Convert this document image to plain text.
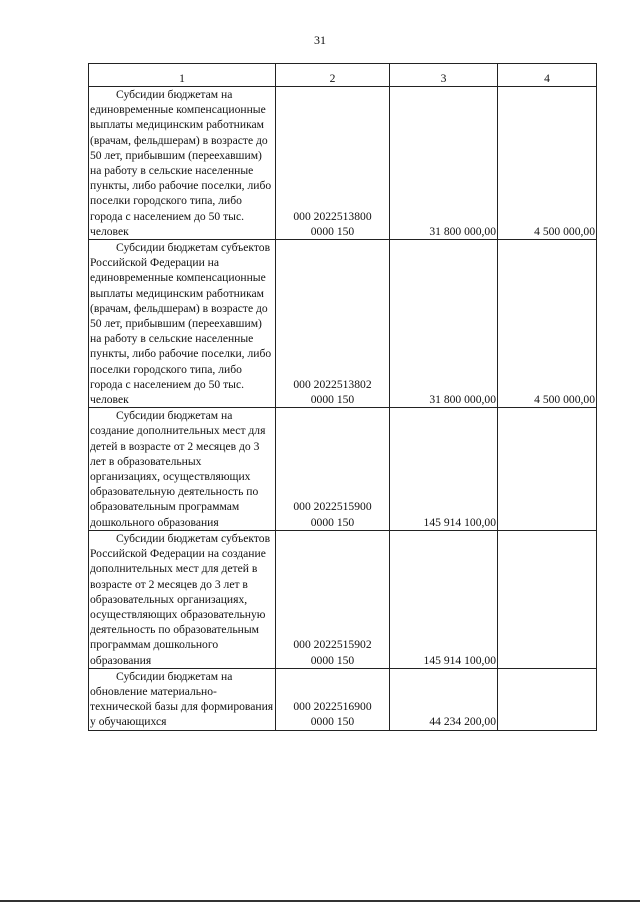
31
1	2	3	4
Субсидии бюджетам на единовременные компенсационные выплаты медицинским работникам (врачам, фельдшерам) в возрасте до 50 лет, прибывшим (переехавшим) на работу в сельские населенные пункты, либо рабочие поселки, либо поселки городского типа, либо города с населением до 50 тыс. человек	000 2022513800
0000 150	31 800 000,00	4 500 000,00
Субсидии бюджетам субъектов Российской Федерации на единовременные компенсационные выплаты медицинским работникам (врачам, фельдшерам) в возрасте до 50 лет, прибывшим (переехавшим) на работу в сельские населенные пункты, либо рабочие поселки, либо поселки городского типа, либо города с населением до 50 тыс. человек	000 2022513802
0000 150	31 800 000,00	4 500 000,00
Субсидии бюджетам на создание дополнительных мест для детей в возрасте от 2 месяцев до 3 лет в образовательных организациях, осуществляющих образовательную деятельность по образовательным программам дошкольного образования	000 2022515900
0000 150	145 914 100,00	
Субсидии бюджетам субъектов Российской Федерации на создание дополнительных мест для детей в возрасте от 2 месяцев до 3 лет в образовательных организациях, осуществляющих образовательную деятельность по образовательным программам дошкольного образования	000 2022515902
0000 150	145 914 100,00	
Субсидии бюджетам на обновление материально-технической базы для формирования у обучающихся	000 2022516900
0000 150	44 234 200,00	
